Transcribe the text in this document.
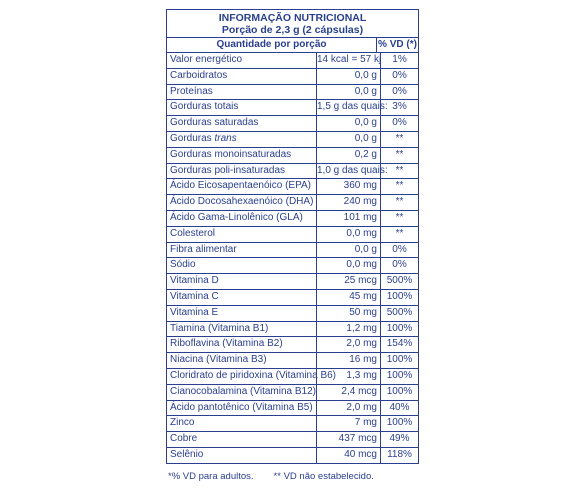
INFORMAÇÃO NUTRICIONAL
Porção de 2,3 g (2 cápsulas)
Quantidade por porção	% VD (*)
Valor energético	14 kcal = 57 kj	1%
Carboidratos	0,0 g	0%
Proteínas	0,0 g	0%
Gorduras totais	1,5 g das quais: 3%
Gorduras saturadas	0,0 g	0%
Gorduras trans	0,0 g	**
Gorduras monoinsaturadas	0,2 g	**
Gorduras poli-insaturadas	1,0 g das quais: **
Ácido Eicosapentaenóico (EPA)	360 mg	**
Ácido Docosahexaenóico (DHA)	240 mg	**
Ácido Gama-Linolênico (GLA)	101 mg	**
Colesterol	0,0 mg	**
Fibra alimentar	0,0 g	0%
Sódio	0,0 mg	0%
Vitamina D	25 mcg 500%
Vitamina C	45 mg 100%
Vitamina E	50 mg 500%
Tiamina (Vitamina B1)	1,2 mg 100%
Riboflavina (Vitamina B2)	2,0 mg 154%
Niacina (Vitamina B3)	16 mg 100%
Cloridrato de piridoxina (Vitamina B6)	1,3 mg 100%
Cianocobalamina (Vitamina B12)	2,4 mcg 100%
Ácido pantotênico (Vitamina B5)	2,0 mg	40%
Zinco	7 mg 100%
Cobre	437 mcg	49%
Selênio	40 mcg	118%
*% VD para adultos. ** VD não estabelecido.
